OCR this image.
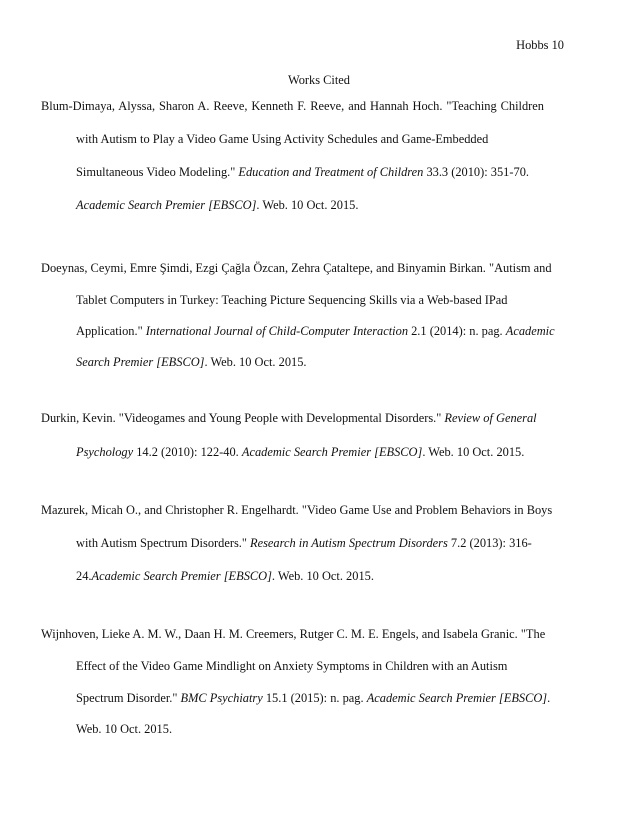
Hobbs 10
Works Cited
Blum-Dimaya, Alyssa, Sharon A. Reeve, Kenneth F. Reeve, and Hannah Hoch. "Teaching Children
with Autism to Play a Video Game Using Activity Schedules and Game-Embedded
Simultaneous Video Modeling." Education and Treatment of Children 33.3 (2010): 351-70.
Academic Search Premier [EBSCO]. Web. 10 Oct. 2015.
Doeynas, Ceymi, Emre Şimdi, Ezgi Çağla Özcan, Zehra Çataltepe, and Binyamin Birkan. "Autism and
Tablet Computers in Turkey: Teaching Picture Sequencing Skills via a Web-based IPad
Application." International Journal of Child-Computer Interaction 2.1 (2014): n. pag. Academic
Search Premier [EBSCO]. Web. 10 Oct. 2015.
Durkin, Kevin. "Videogames and Young People with Developmental Disorders." Review of General
Psychology 14.2 (2010): 122-40. Academic Search Premier [EBSCO]. Web. 10 Oct. 2015.
Mazurek, Micah O., and Christopher R. Engelhardt. "Video Game Use and Problem Behaviors in Boys
with Autism Spectrum Disorders." Research in Autism Spectrum Disorders 7.2 (2013): 316-
24.Academic Search Premier [EBSCO]. Web. 10 Oct. 2015.
Wijnhoven, Lieke A. M. W., Daan H. M. Creemers, Rutger C. M. E. Engels, and Isabela Granic. "The
Effect of the Video Game Mindlight on Anxiety Symptoms in Children with an Autism
Spectrum Disorder." BMC Psychiatry 15.1 (2015): n. pag. Academic Search Premier [EBSCO].
Web. 10 Oct. 2015.
